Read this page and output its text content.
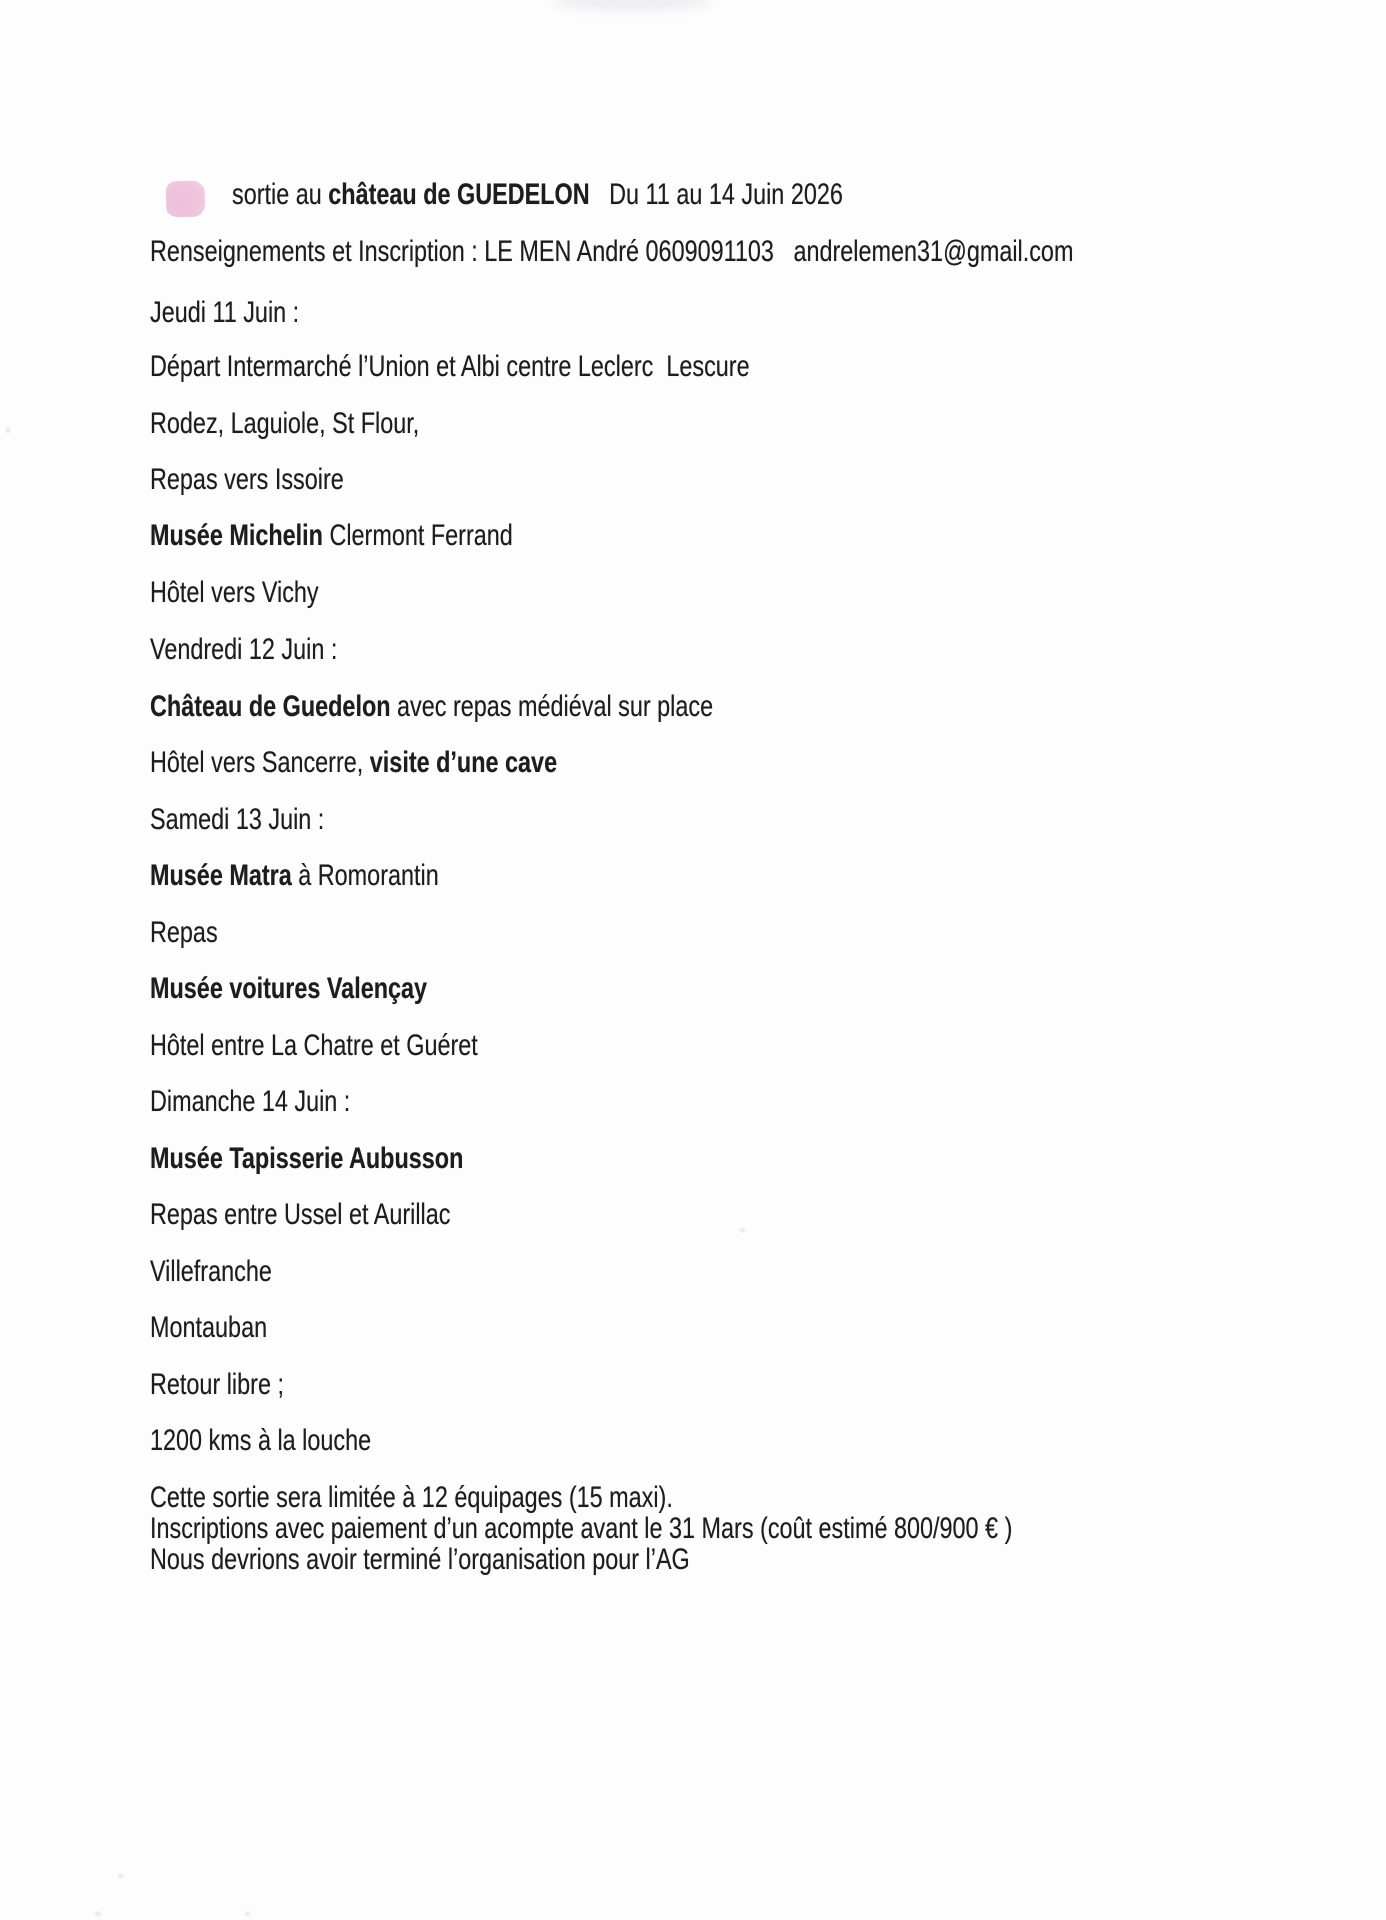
sortie au château de GUEDELON   Du 11 au 14 Juin 2026

Renseignements et Inscription : LE MEN André 0609091103   andrelemen31@gmail.com

Jeudi 11 Juin :

Départ Intermarché l’Union et Albi centre Leclerc  Lescure

Rodez, Laguiole, St Flour,

Repas vers Issoire

Musée Michelin Clermont Ferrand

Hôtel vers Vichy

Vendredi 12 Juin :

Château de Guedelon avec repas médiéval sur place

Hôtel vers Sancerre, visite d’une cave

Samedi 13 Juin :

Musée Matra à Romorantin

Repas

Musée voitures Valençay

Hôtel entre La Chatre et Guéret

Dimanche 14 Juin :

Musée Tapisserie Aubusson

Repas entre Ussel et Aurillac

Villefranche

Montauban

Retour libre ;

1200 kms à la louche

Cette sortie sera limitée à 12 équipages (15 maxi).

Inscriptions avec paiement d’un acompte avant le 31 Mars (coût estimé 800/900 € )

Nous devrions avoir terminé l’organisation pour l’AG
